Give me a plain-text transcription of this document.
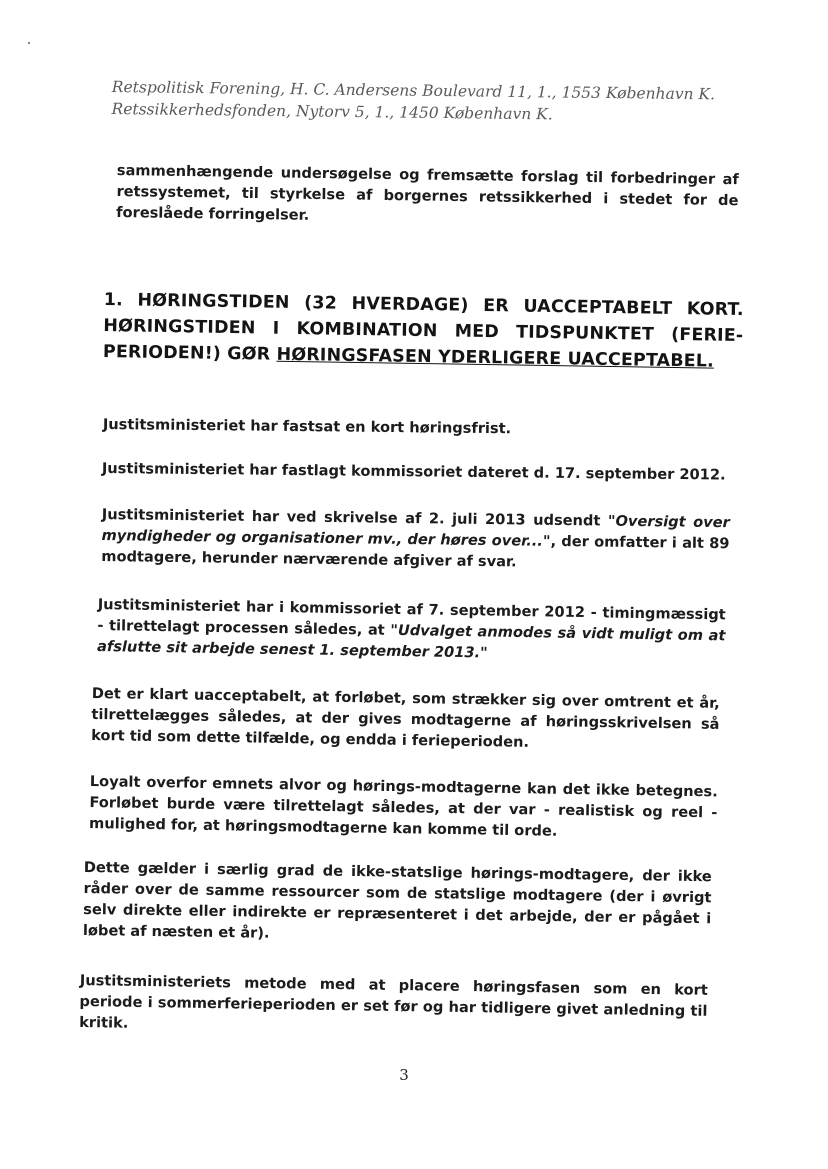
Retspolitisk Forening, H. C. Andersens Boulevard 11, 1., 1553 København K.
Retssikkerhedsfonden, Nytorv 5, 1., 1450 København K.
sammenhængende undersøgelse og fremsætte forslag til forbedringer af retssystemet, til styrkelse af borgernes retssikkerhed i stedet for de foreslåede forringelser.
1. HØRINGSTIDEN (32 HVERDAGE) ER UACCEPTABELT KORT. HØRINGSTIDEN I KOMBINATION MED TIDSPUNKTET (FERIE-PERIODEN!) GØR HØRINGSFASEN YDERLIGERE UACCEPTABEL.
Justitsministeriet har fastsat en kort høringsfrist.
Justitsministeriet har fastlagt kommissoriet dateret d. 17. september 2012.
Justitsministeriet har ved skrivelse af 2. juli 2013 udsendt "Oversigt over myndigheder og organisationer mv., der høres over...", der omfatter i alt 89 modtagere, herunder nærværende afgiver af svar.
Justitsministeriet har i kommissoriet af 7. september 2012 - timingmæssigt - tilrettelagt processen således, at "Udvalget anmodes så vidt muligt om at afslutte sit arbejde senest 1. september 2013."
Det er klart uacceptabelt, at forløbet, som strækker sig over omtrent et år, tilrettelægges således, at der gives modtagerne af høringsskrivelsen så kort tid som dette tilfælde, og endda i ferieperioden.
Loyalt overfor emnets alvor og hørings-modtagerne kan det ikke betegnes. Forløbet burde være tilrettelagt således, at der var - realistisk og reel - mulighed for, at høringsmodtagerne kan komme til orde.
Dette gælder i særlig grad de ikke-statslige hørings-modtagere, der ikke råder over de samme ressourcer som de statslige modtagere (der i øvrigt selv direkte eller indirekte er repræsenteret i det arbejde, der er pågået i løbet af næsten et år).
Justitsministeriets metode med at placere høringsfasen som en kort periode i sommerferieperioden er set før og har tidligere givet anledning til kritik.
3
